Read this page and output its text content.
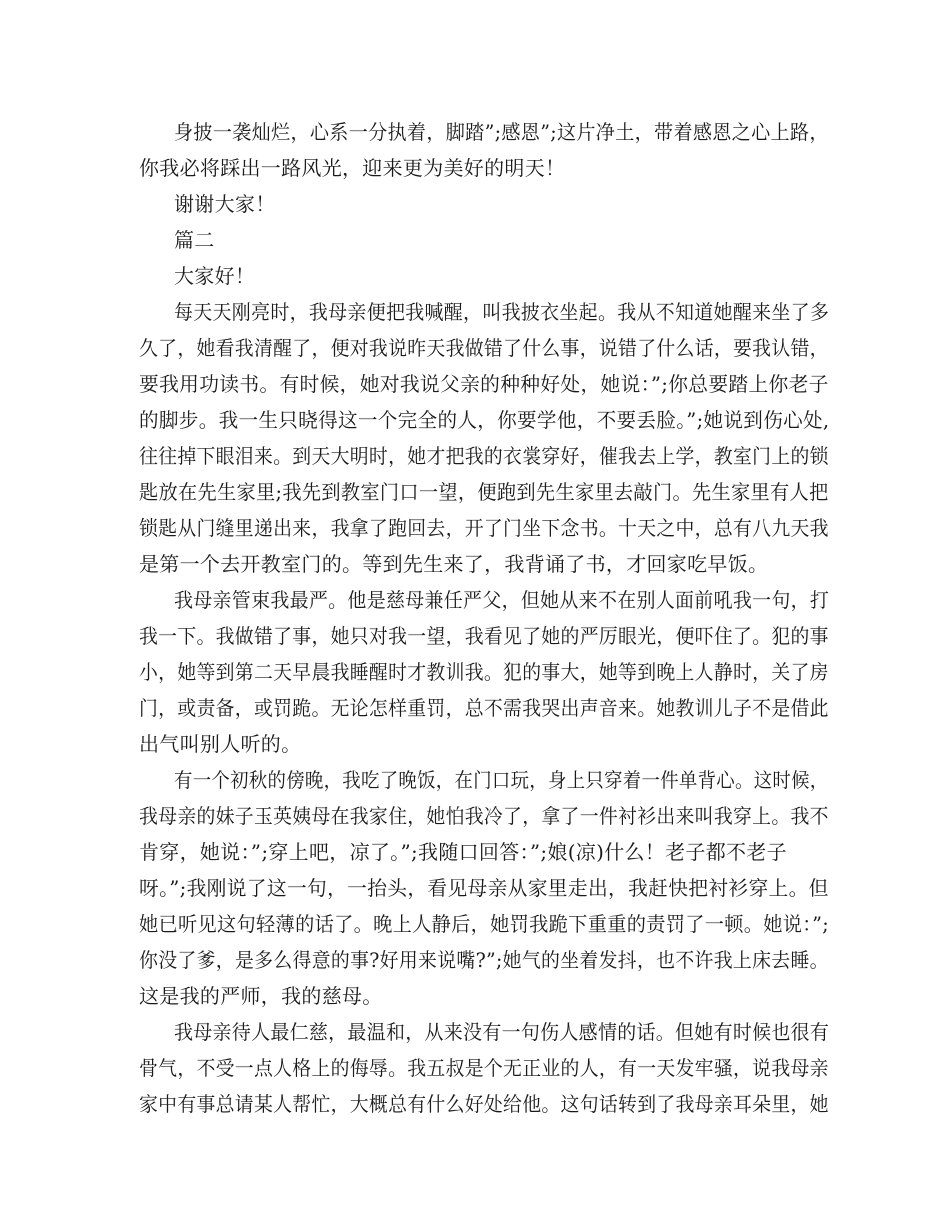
身披一袭灿烂，心系一分执着，脚踏”;感恩”;这片净土，带着感恩之心上路，
你我必将踩出一路风光，迎来更为美好的明天！
谢谢大家！
篇二
大家好！
每天天刚亮时，我母亲便把我喊醒，叫我披衣坐起。我从不知道她醒来坐了多
久了，她看我清醒了，便对我说昨天我做错了什么事，说错了什么话，要我认错，
要我用功读书。有时候，她对我说父亲的种种好处，她说：”;你总要踏上你老子
的脚步。我一生只晓得这一个完全的人，你要学他，不要丢脸。”;她说到伤心处,
往往掉下眼泪来。到天大明时，她才把我的衣裳穿好，催我去上学，教室门上的锁
匙放在先生家里;我先到教室门口一望，便跑到先生家里去敲门。先生家里有人把
锁匙从门缝里递出来，我拿了跑回去，开了门坐下念书。十天之中，总有八九天我
是第一个去开教室门的。等到先生来了，我背诵了书，才回家吃早饭。
我母亲管束我最严。他是慈母兼任严父，但她从来不在别人面前吼我一句，打
我一下。我做错了事，她只对我一望，我看见了她的严厉眼光，便吓住了。犯的事
小，她等到第二天早晨我睡醒时才教训我。犯的事大，她等到晚上人静时，关了房
门，或责备，或罚跪。无论怎样重罚，总不需我哭出声音来。她教训儿子不是借此
出气叫别人听的。
有一个初秋的傍晚，我吃了晚饭，在门口玩，身上只穿着一件单背心。这时候，
我母亲的妹子玉英姨母在我家住，她怕我冷了，拿了一件衬衫出来叫我穿上。我不
肯穿，她说：”;穿上吧，凉了。”;我随口回答：”;娘(凉)什么！老子都不老子
呀。”;我刚说了这一句，一抬头，看见母亲从家里走出，我赶快把衬衫穿上。但
她已听见这句轻薄的话了。晚上人静后，她罚我跪下重重的责罚了一顿。她说：”;
你没了爹，是多么得意的事?好用来说嘴?”;她气的坐着发抖，也不许我上床去睡。
这是我的严师，我的慈母。
我母亲待人最仁慈，最温和，从来没有一句伤人感情的话。但她有时候也很有
骨气，不受一点人格上的侮辱。我五叔是个无正业的人，有一天发牢骚，说我母亲
家中有事总请某人帮忙，大概总有什么好处给他。这句话转到了我母亲耳朵里，她
